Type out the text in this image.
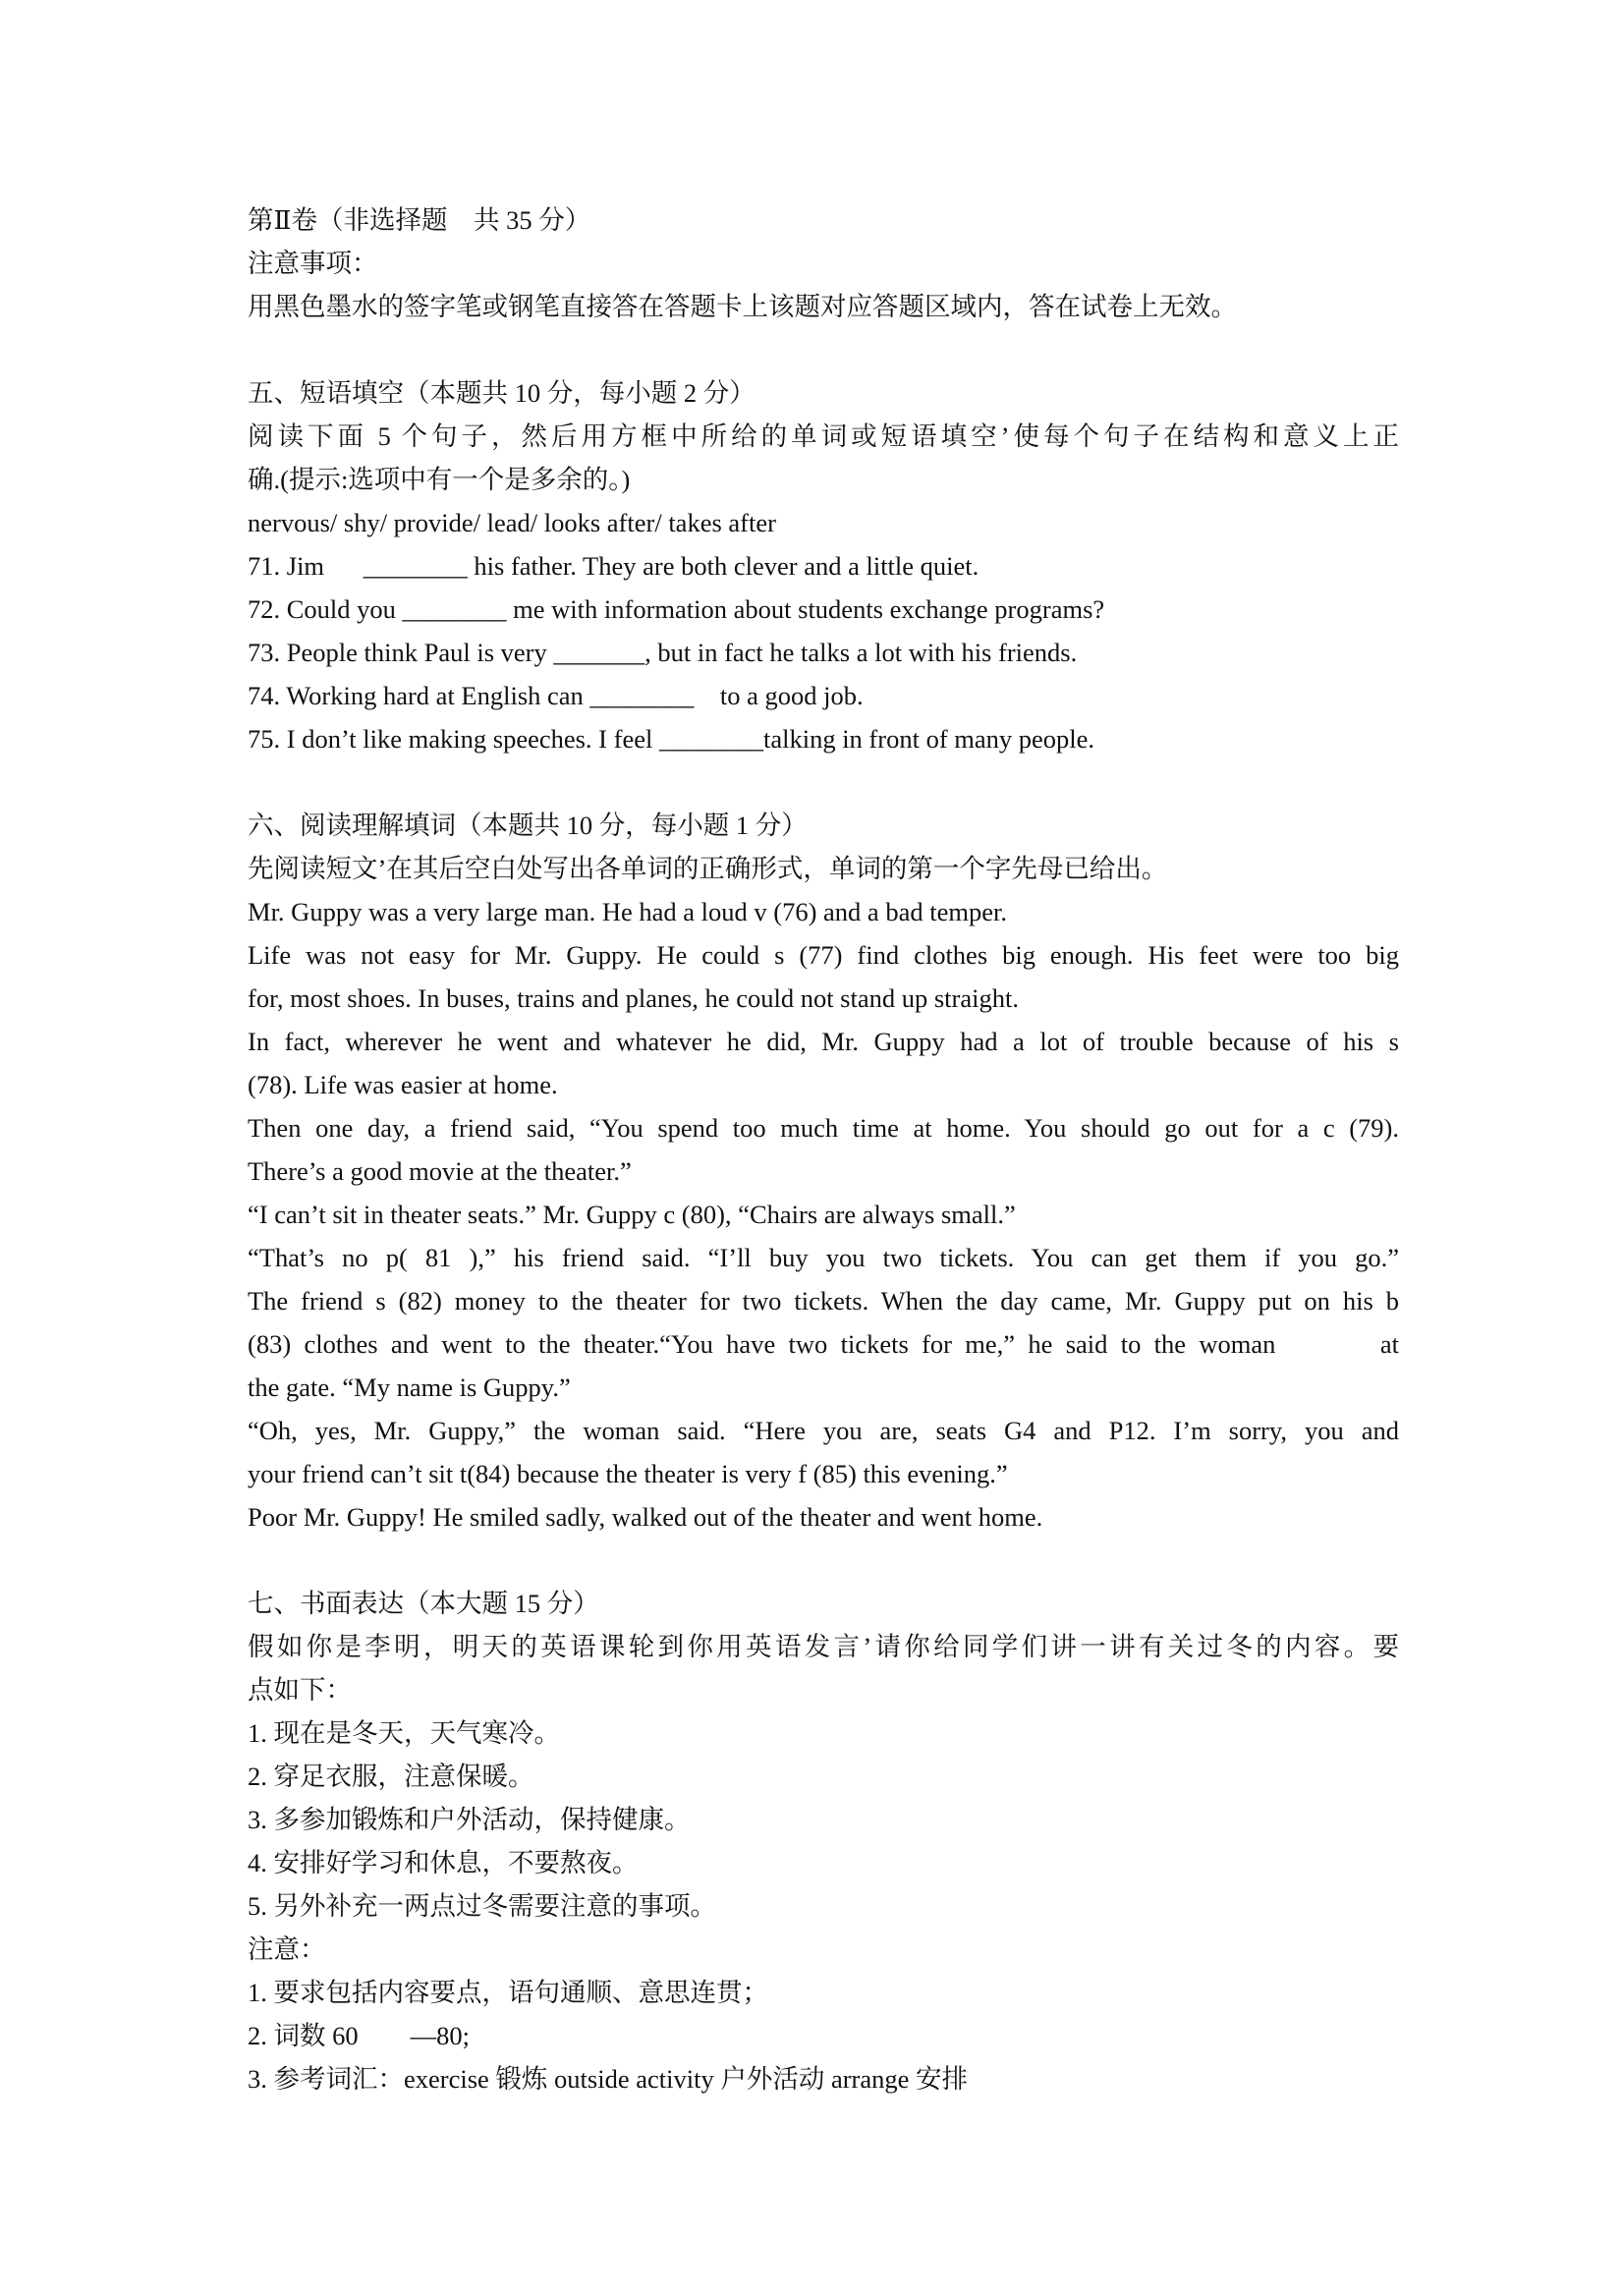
第Ⅱ卷（非选择题　共 35 分）
注意事项：
用黑色墨水的签字笔或钢笔直接答在答题卡上该题对应答题区域内，答在试卷上无效。
五、短语填空（本题共 10 分，每小题 2 分）
阅读下面 5 个句子，然后用方框中所给的单词或短语填空’使每个句子在结构和意义上正
确.(提示:选项中有一个是多余的。)
nervous/ shy/ provide/ lead/ looks after/ takes after
71. Jim      ________ his father. They are both clever and a little quiet.
72. Could you ________ me with information about students exchange programs?
73. People think Paul is very _______, but in fact he talks a lot with his friends.
74. Working hard at English can ________    to a good job.
75. I don’t like making speeches. I feel ________talking in front of many people.
六、阅读理解填词（本题共 10 分，每小题 1 分）
先阅读短文’在其后空白处写出各单词的正确形式，单词的第一个字先母已给出。
Mr. Guppy was a very large man. He had a loud v (76) and a bad temper.
Life was not easy for Mr. Guppy. He could s (77) find clothes big enough. His feet were too big
for, most shoes. In buses, trains and planes, he could not stand up straight.
In fact, wherever he went and whatever he did, Mr. Guppy had a lot of trouble because of his s
(78). Life was easier at home.
Then one day, a friend said, “You spend too much time at home. You should go out for a c (79).
There’s a good movie at the theater.”
“I can’t sit in theater seats.” Mr. Guppy c (80), “Chairs are always small.”
“That’s no p( 81 ),” his friend said. “I’ll buy you two tickets. You can get them if you go.”
The friend s (82) money to the theater for two tickets. When the day came, Mr. Guppy put on his b
(83) clothes and went to the theater.“You have two tickets for me,” he said to the woman        at
the gate. “My name is Guppy.”
“Oh, yes, Mr. Guppy,” the woman said. “Here you are, seats G4 and P12. I’m sorry, you and
your friend can’t sit t(84) because the theater is very f (85) this evening.”
Poor Mr. Guppy! He smiled sadly, walked out of the theater and went home.
七、书面表达（本大题 15 分）
假如你是李明，明天的英语课轮到你用英语发言’请你给同学们讲一讲有关过冬的内容。要
点如下：
1. 现在是冬天，天气寒冷。
2. 穿足衣服，注意保暖。
3. 多参加锻炼和户外活动，保持健康。
4. 安排好学习和休息，不要熬夜。
5. 另外补充一两点过冬需要注意的事项。
注意：
1. 要求包括内容要点，语句通顺、意思连贯；
2. 词数 60        —80;
3. 参考词汇：exercise 锻炼 outside activity 户外活动 arrange 安排
